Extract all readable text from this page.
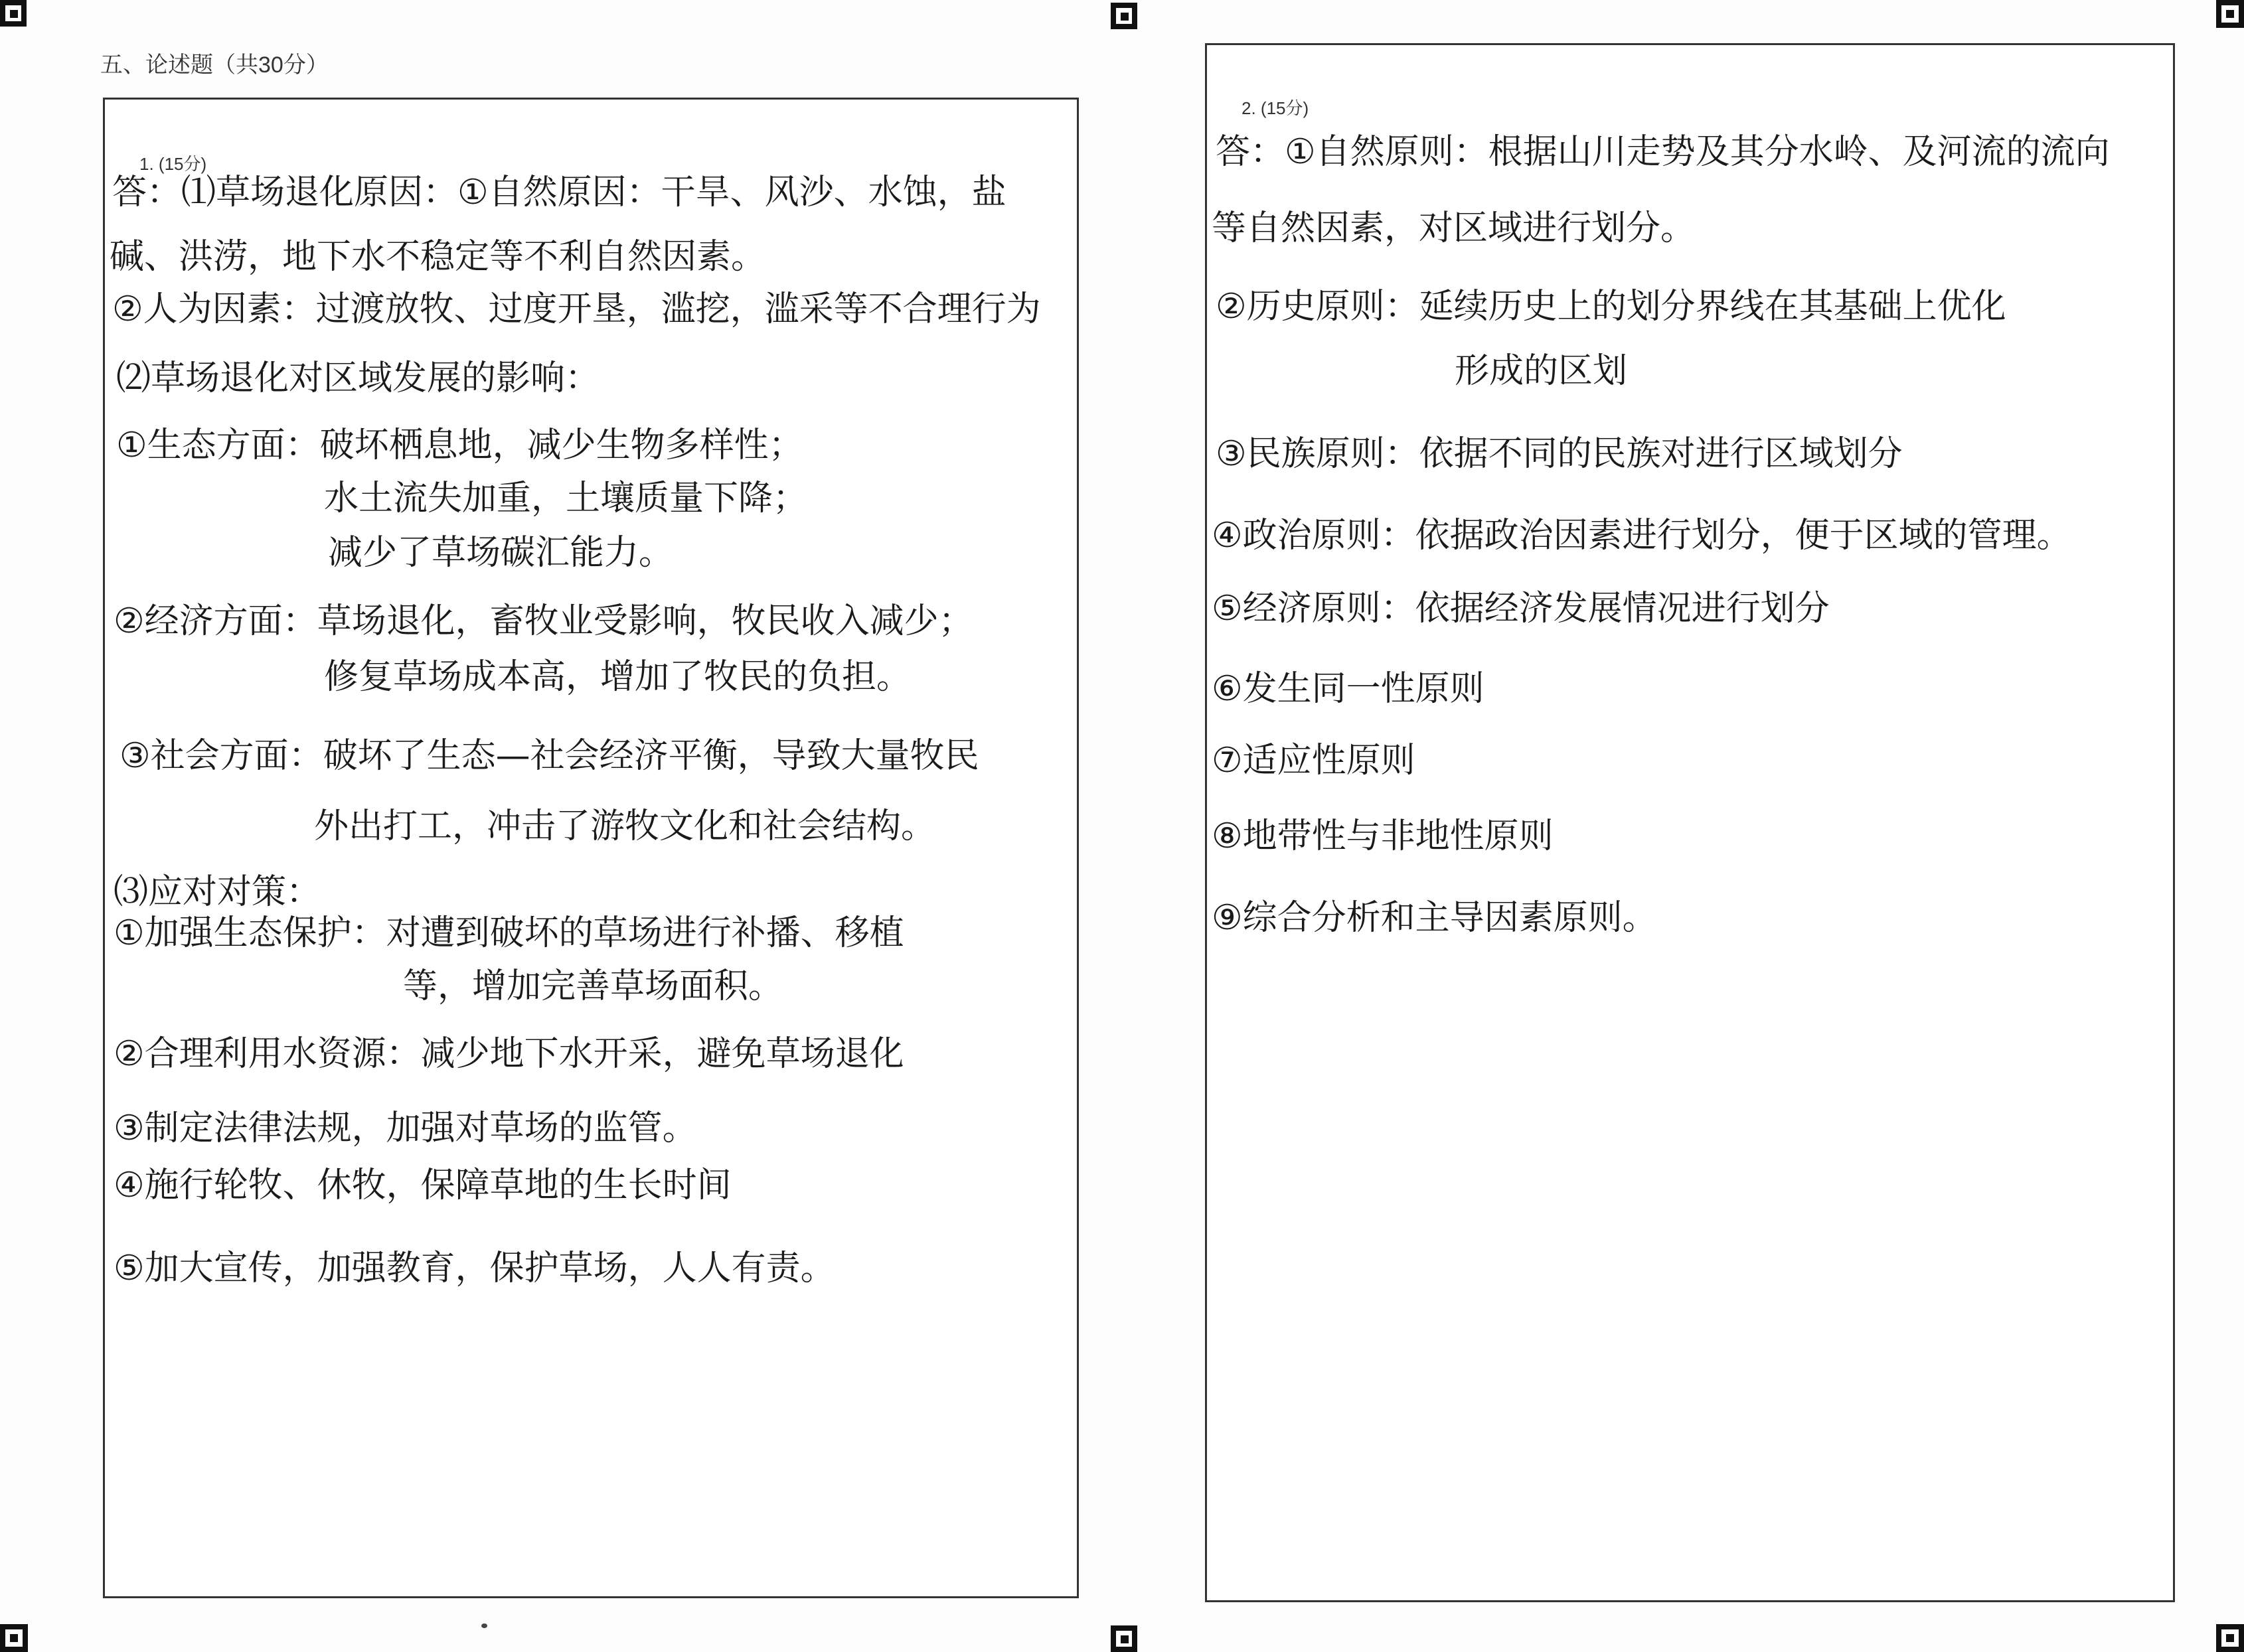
五、论述题（共30分）
1. (15分)
答：⑴草场退化原因：①自然原因：干旱、风沙、水蚀，盐
碱、洪涝，地下水不稳定等不利自然因素。
②人为因素：过渡放牧、过度开垦，滥挖，滥采等不合理行为
⑵草场退化对区域发展的影响：
①生态方面：破坏栖息地，减少生物多样性；
水土流失加重，土壤质量下降；
减少了草场碳汇能力。
②经济方面：草场退化，畜牧业受影响，牧民收入减少；
修复草场成本高，增加了牧民的负担。
③社会方面：破坏了生态—社会经济平衡，导致大量牧民
外出打工，冲击了游牧文化和社会结构。
⑶应对对策：
①加强生态保护：对遭到破坏的草场进行补播、移植
等，增加完善草场面积。
②合理利用水资源：减少地下水开采，避免草场退化
③制定法律法规，加强对草场的监管。
④施行轮牧、休牧，保障草地的生长时间
⑤加大宣传，加强教育，保护草场，人人有责。
2. (15分)
答：①自然原则：根据山川走势及其分水岭、及河流的流向
等自然因素，对区域进行划分。
②历史原则：延续历史上的划分界线在其基础上优化
形成的区划
③民族原则：依据不同的民族对进行区域划分
④政治原则：依据政治因素进行划分，便于区域的管理。
⑤经济原则：依据经济发展情况进行划分
⑥发生同一性原则
⑦适应性原则
⑧地带性与非地性原则
⑨综合分析和主导因素原则。
